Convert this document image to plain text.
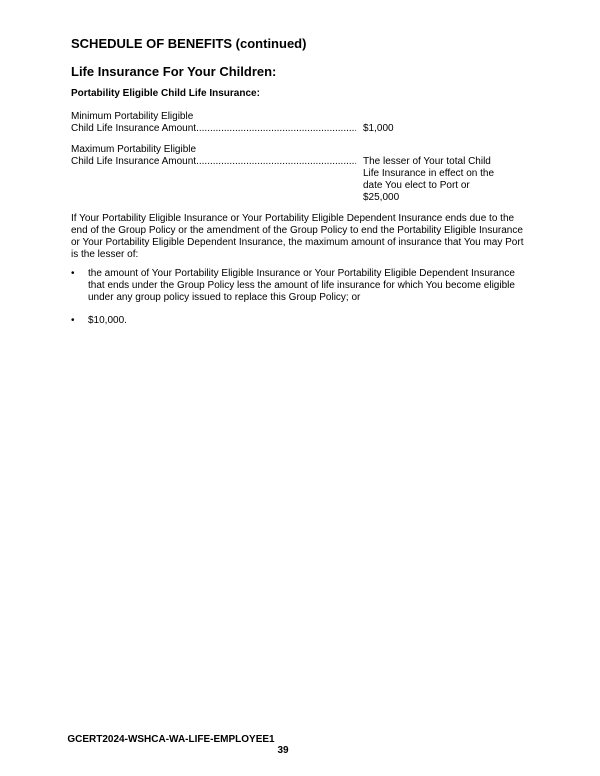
SCHEDULE OF BENEFITS (continued)
Life Insurance For Your Children:
Portability Eligible Child Life Insurance:
Minimum Portability Eligible
Child Life Insurance Amount .....	$1,000
Maximum Portability Eligible
Child Life Insurance Amount .....	The lesser of Your total Child
Life Insurance in effect on the
date You elect to Port or
$25,000
If Your Portability Eligible Insurance or Your Portability Eligible Dependent Insurance ends due to the end of the Group Policy or the amendment of the Group Policy to end the Portability Eligible Insurance or Your Portability Eligible Dependent Insurance, the maximum amount of insurance that You may Port is the lesser of:
• the amount of Your Portability Eligible Insurance or Your Portability Eligible Dependent Insurance that ends under the Group Policy less the amount of life insurance for which You become eligible under any group policy issued to replace this Group Policy; or
• $10,000.
GCERT2024-WSHCA-WA-LIFE-EMPLOYEE1
39
